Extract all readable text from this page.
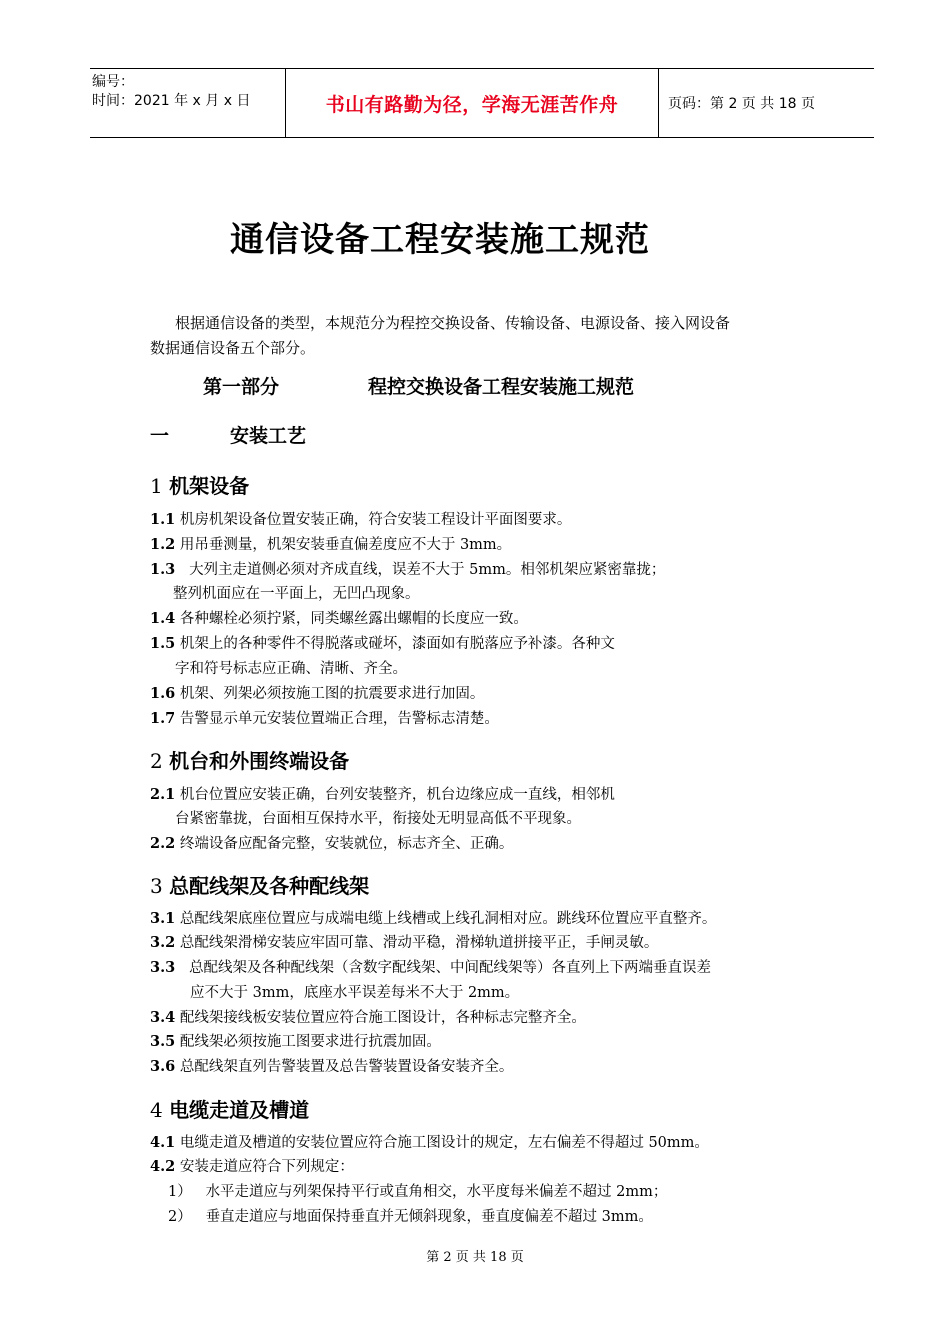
编号：
时间：2021 年 x 月 x 日	书山有路勤为径，学海无涯苦作舟	页码：第 2 页 共 18 页
通信设备工程安装施工规范

根据通信设备的类型，本规范分为程控交换设备、传输设备、电源设备、接入网设备

数据通信设备五个部分。

第一部分	程控交换设备工程安装施工规范
一	安装工艺
1 机架设备
1.1 机房机架设备位置安装正确，符合安装工程设计平面图要求。
1.2 用吊垂测量，机架安装垂直偏差度应不大于 3mm。
1.3 大列主走道侧必须对齐成直线，误差不大于 5mm。相邻机架应紧密靠拢；
整列机面应在一平面上，无凹凸现象。
1.4 各种螺栓必须拧紧，同类螺丝露出螺帽的长度应一致。
1.5 机架上的各种零件不得脱落或碰坏，漆面如有脱落应予补漆。各种文
字和符号标志应正确、清晰、齐全。
1.6 机架、列架必须按施工图的抗震要求进行加固。
1.7 告警显示单元安装位置端正合理，告警标志清楚。
2 机台和外围终端设备
2.1 机台位置应安装正确，台列安装整齐，机台边缘应成一直线，相邻机
台紧密靠拢，台面相互保持水平，衔接处无明显高低不平现象。
2.2 终端设备应配备完整，安装就位，标志齐全、正确。
3 总配线架及各种配线架
3.1 总配线架底座位置应与成端电缆上线槽或上线孔洞相对应。跳线环位置应平直整齐。
3.2 总配线架滑梯安装应牢固可靠、滑动平稳，滑梯轨道拼接平正，手闸灵敏。
3.3 总配线架及各种配线架（含数字配线架、中间配线架等）各直列上下两端垂直误差
应不大于 3mm，底座水平误差每米不大于 2mm。
3.4 配线架接线板安装位置应符合施工图设计，各种标志完整齐全。
3.5 配线架必须按施工图要求进行抗震加固。
3.6 总配线架直列告警装置及总告警装置设备安装齐全。
4 电缆走道及槽道
4.1 电缆走道及槽道的安装位置应符合施工图设计的规定，左右偏差不得超过 50mm。
4.2 安装走道应符合下列规定：
1） 水平走道应与列架保持平行或直角相交，水平度每米偏差不超过 2mm；
2） 垂直走道应与地面保持垂直并无倾斜现象，垂直度偏差不超过 3mm。
第 2 页 共 18 页
